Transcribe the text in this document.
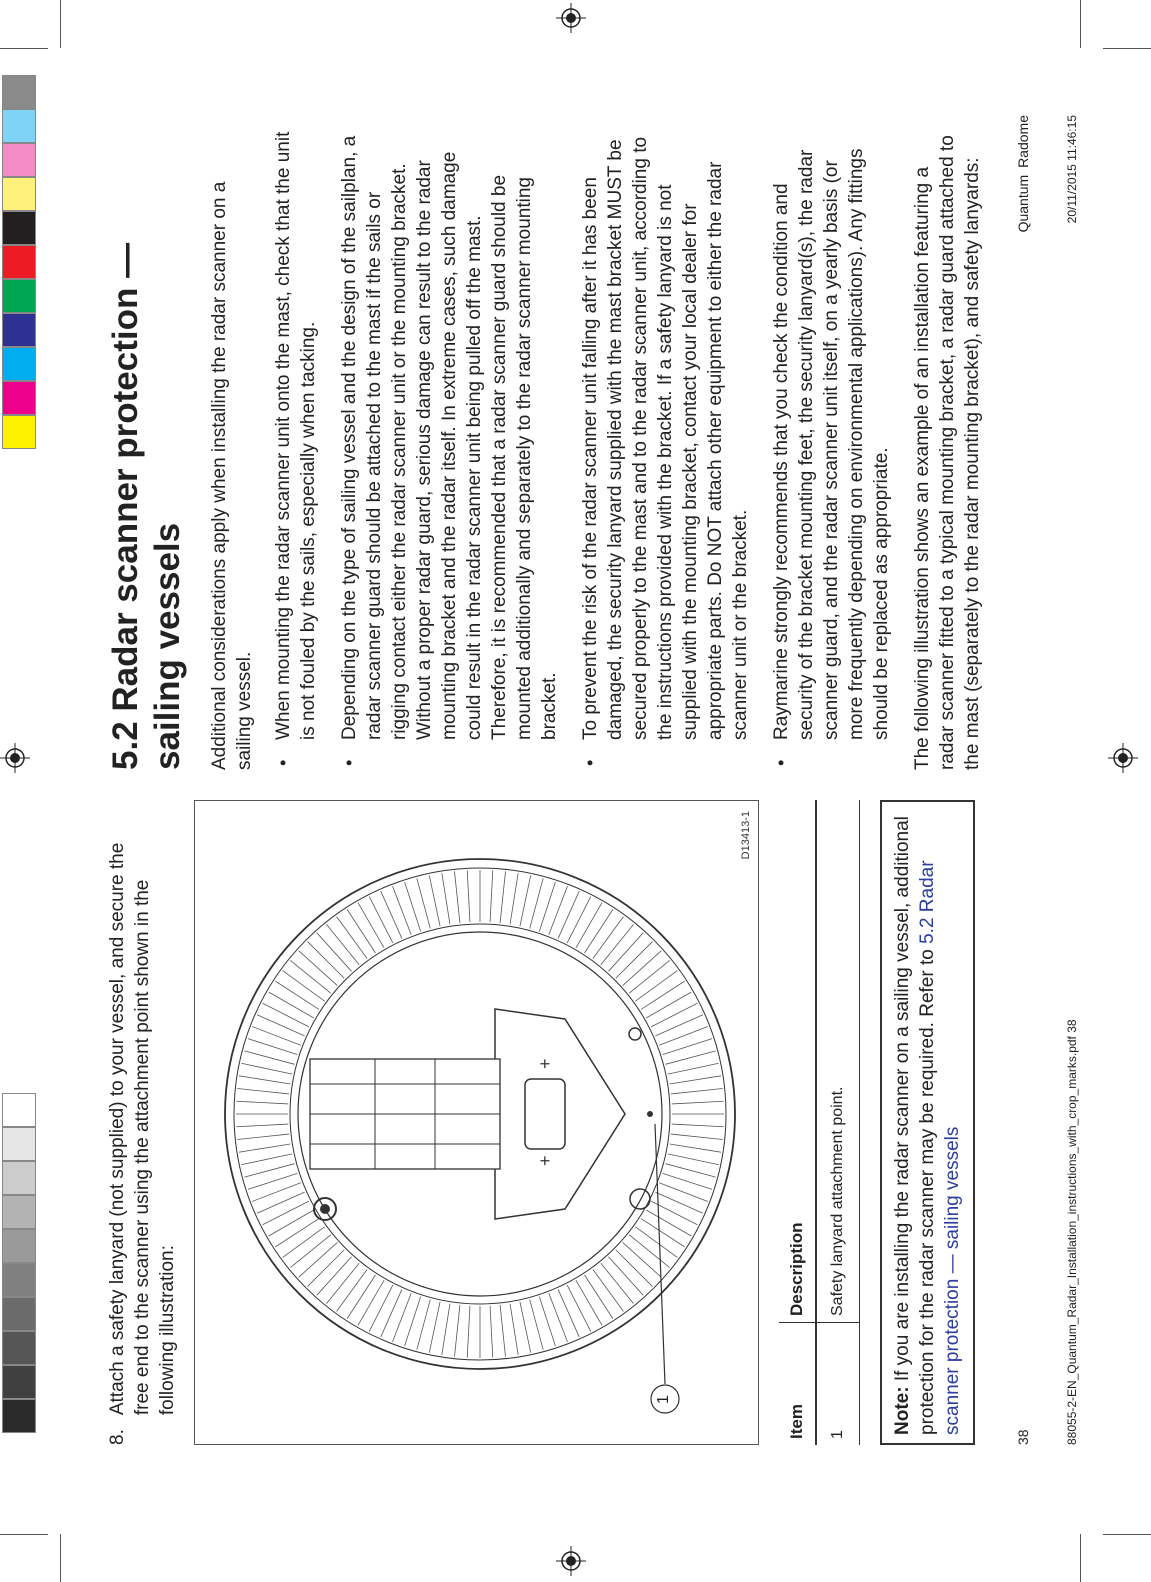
8.
Attach a safety lanyard (not supplied) to your vessel, and secure the free end to the scanner using the attachment point shown in the following illustration:
+
+
1
D13413-1
Item	Description
1	Safety lanyard attachment point.
Note: If you are installing the radar scanner on a sailing vessel, additional protection for the radar scanner may be required. Refer to 5.2 Radar scanner protection — sailing vessels
5.2 Radar scanner protection — sailing vessels Additional considerations apply when installing the radar scanner on a sailing vessel. • When mounting the radar scanner unit onto the mast, check that the unit is not fouled by the sails, especially when tacking. • Depending on the type of sailing vessel and the design of the sailplan, a radar scanner guard should be attached to the mast if the sails or rigging contact either the radar scanner unit or the mounting bracket. Without a proper radar guard, serious damage can result to the radar mounting bracket and the radar itself. In extreme cases, such damage could result in the radar scanner unit being pulled off the mast. Therefore, it is recommended that a radar scanner guard should be mounted additionally and separately to the radar scanner mounting bracket. • To prevent the risk of the radar scanner unit falling after it has been damaged, the security lanyard supplied with the mast bracket MUST be secured properly to the mast and to the radar scanner unit, according to the instructions provided with the bracket. If a safety lanyard is not supplied with the mounting bracket, contact your local dealer for appropriate parts. Do NOT attach other equipment to either the radar scanner unit or the bracket. • Raymarine strongly recommends that you check the condition and security of the bracket mounting feet, the security lanyard(s), the radar scanner guard, and the radar scanner unit itself, on a yearly basis (or more frequently depending on environmental applications). Any fittings should be replaced as appropriate. The following illustration shows an example of an installation featuring a radar scanner fitted to a typical mounting bracket, a radar guard attached to the mast (separately to the radar mounting bracket), and safety lanyards:

38
Quantum Radome
88055-2-EN_Quantum_Radar_Installation_instructions_with_crop_marks.pdf 38
20/11/2015 11:46:15
